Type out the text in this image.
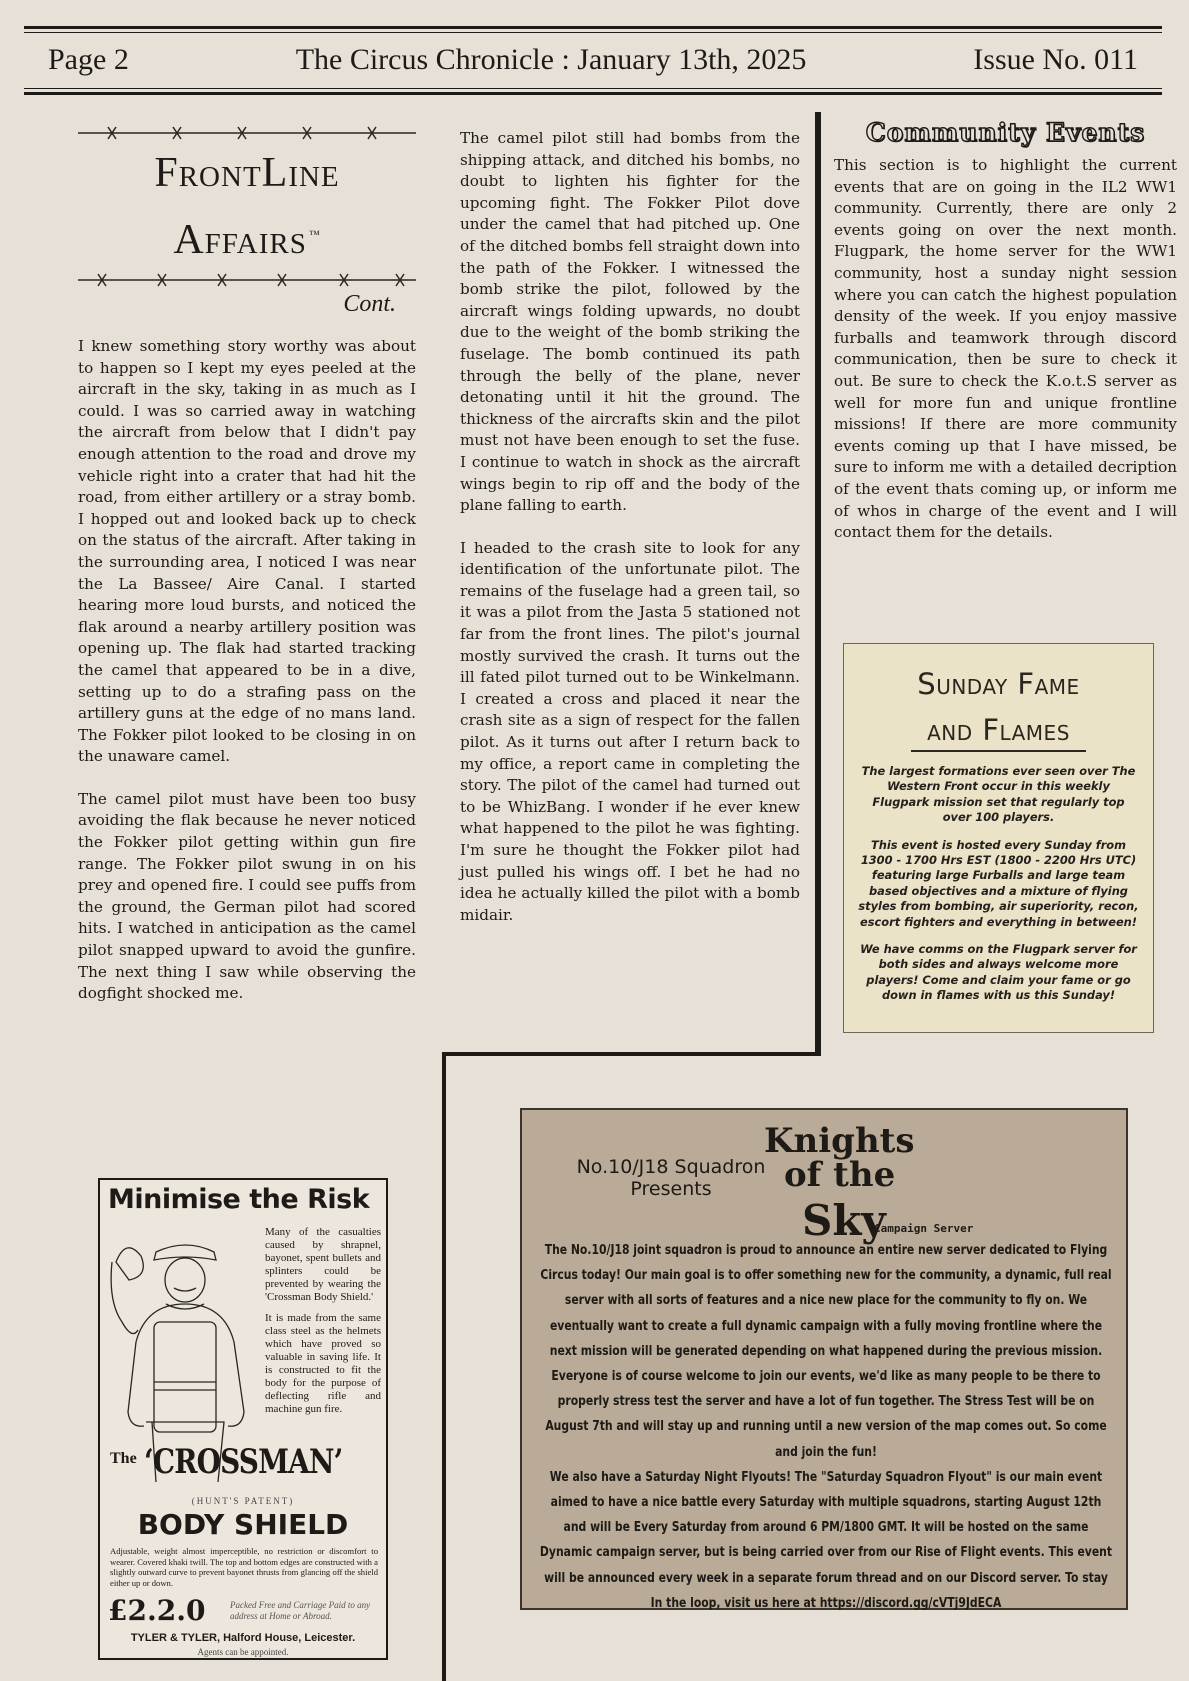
Page 2	The Circus Chronicle : January 13th, 2025	Issue No. 011
FrontLine
Affairs ™
Cont.

I knew something story worthy was about to happen so I kept my eyes peeled at the aircraft in the sky, taking in as much as I could. I was so carried away in watching the aircraft from below that I didn't pay enough attention to the road and drove my vehicle right into a crater that had hit the road, from either artillery or a stray bomb. I hopped out and looked back up to check on the status of the aircraft. After taking in the surrounding area, I noticed I was near the La Bassee/ Aire Canal. I started hearing more loud bursts, and noticed the flak around a nearby artillery position was opening up. The flak had started tracking the camel that appeared to be in a dive, setting up to do a strafing pass on the artillery guns at the edge of no mans land. The Fokker pilot looked to be closing in on the unaware camel.

The camel pilot must have been too busy avoiding the flak because he never noticed the Fokker pilot getting within gun fire range. The Fokker pilot swung in on his prey and opened fire. I could see puffs from the ground, the German pilot had scored hits. I watched in anticipation as the camel pilot snapped upward to avoid the gunfire. The next thing I saw while observing the dogfight shocked me.

The camel pilot still had bombs from the shipping attack, and ditched his bombs, no doubt to lighten his fighter for the upcoming fight. The Fokker Pilot dove under the camel that had pitched up. One of the ditched bombs fell straight down into the path of the Fokker. I witnessed the bomb strike the pilot, followed by the aircraft wings folding upwards, no doubt due to the weight of the bomb striking the fuselage. The bomb continued its path through the belly of the plane, never detonating until it hit the ground. The thickness of the aircrafts skin and the pilot must not have been enough to set the fuse. I continue to watch in shock as the aircraft wings begin to rip off and the body of the plane falling to earth.

I headed to the crash site to look for any identification of the unfortunate pilot. The remains of the fuselage had a green tail, so it was a pilot from the Jasta 5 stationed not far from the front lines. The pilot's journal mostly survived the crash. It turns out the ill fated pilot turned out to be Winkelmann. I created a cross and placed it near the crash site as a sign of respect for the fallen pilot. As it turns out after I return back to my office, a report came in completing the story. The pilot of the camel had turned out to be WhizBang. I wonder if he ever knew what happened to the pilot he was fighting. I'm sure he thought the Fokker pilot had just pulled his wings off. I bet he had no idea he actually killed the pilot with a bomb midair.

Community Events
This section is to highlight the current events that are on going in the IL2 WW1 community. Currently, there are only 2 events going on over the next month. Flugpark, the home server for the WW1 community, host a sunday night session where you can catch the highest population density of the week. If you enjoy massive furballs and teamwork through discord communication, then be sure to check it out. Be sure to check the K.o.t.S server as well for more fun and unique frontline missions! If there are more community events coming up that I have missed, be sure to inform me with a detailed decription of the event thats coming up, or inform me of whos in charge of the event and I will contact them for the details.
Sunday Fame
and Flames

The largest formations ever seen over The Western Front occur in this weekly Flugpark mission set that regularly top over 100 players.

This event is hosted every Sunday from 1300 - 1700 Hrs EST (1800 - 2200 Hrs UTC) featuring large Furballs and large team based objectives and a mixture of flying styles from bombing, air superiority, recon, escort fighters and everything in between!

We have comms on the Flugpark server for both sides and always welcome more players! Come and claim your fame or go down in flames with us this Sunday!

No.10/J18 Squadron Presents
Knights
of the
Sky
Campaign Server

The No.10/J18 joint squadron is proud to announce an entire new server dedicated to Flying Circus today! Our main goal is to offer something new for the community, a dynamic, full real server with all sorts of features and a nice new place for the community to fly on. We eventually want to create a full dynamic campaign with a fully moving frontline where the next mission will be generated depending on what happened during the previous mission.

Everyone is of course welcome to join our events, we'd like as many people to be there to properly stress test the server and have a lot of fun together. The Stress Test will be on August 7th and will stay up and running until a new version of the map comes out. So come and join the fun!

We also have a Saturday Night Flyouts! The "Saturday Squadron Flyout" is our main event aimed to have a nice battle every Saturday with multiple squadrons, starting August 12th and will be Every Saturday from around 6 PM/1800 GMT. It will be hosted on the same Dynamic campaign server, but is being carried over from our Rise of Flight events. This event will be announced every week in a separate forum thread and on our Discord server. To stay In the loop, visit us here at https://discord.gg/cVTj9JdECA

Minimise the Risk

Many of the casualties caused by shrapnel, bayonet, spent bullets and splinters could be prevented by wearing the 'Crossman Body Shield.'

It is made from the same class steel as the helmets which have proved so valuable in saving life. It is constructed to fit the body for the purpose of deflecting rifle and machine gun fire.

The ‘CROSSMAN’
(HUNT'S PATENT)
BODY SHIELD
Adjustable, weight almost imperceptible, no restriction or discomfort to wearer. Covered khaki twill. The top and bottom edges are constructed with a slightly outward curve to prevent bayonet thrusts from glancing off the shield either up or down.
£2.2.0	Packed Free and Carriage Paid to any address at Home or Abroad.
TYLER & TYLER, Halford House, Leicester.
Agents can be appointed.
